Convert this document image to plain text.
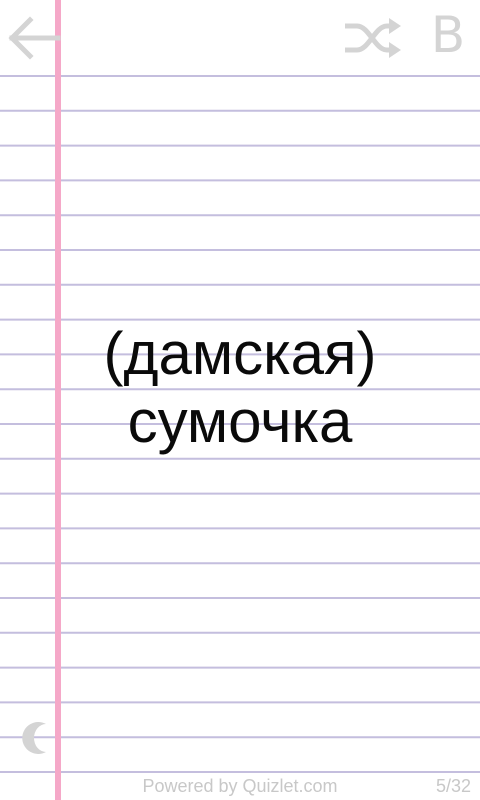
B
(дамская) сумочка
Powered by Quizlet.com	5/32
